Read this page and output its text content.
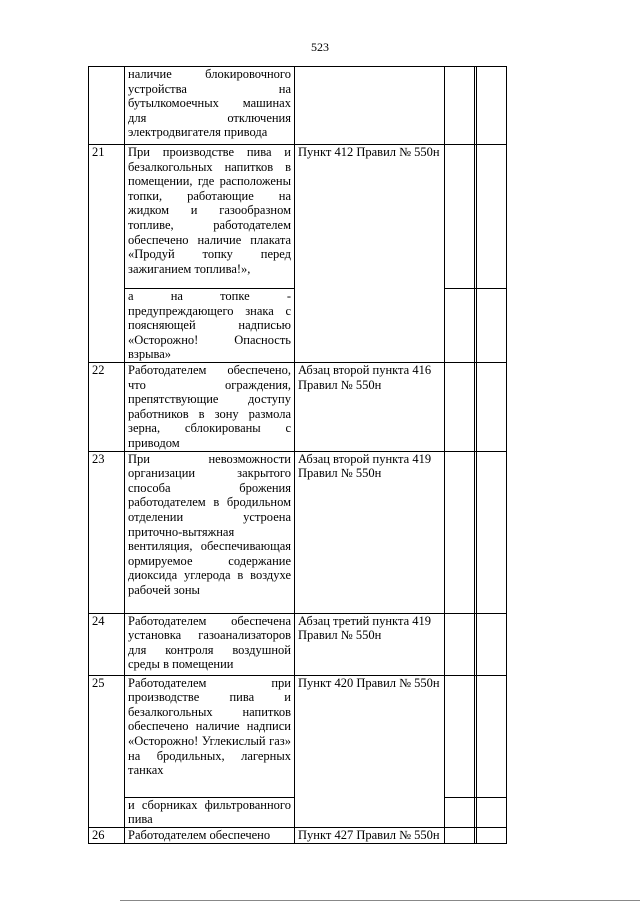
523
	наличие блокировочного устройства на бутылкомоечных машинах для отключения электродвигателя привода				
21	При производстве пива и безалкогольных напитков в помещении, где расположены топки, работающие на жидком и газообразном топливе, работодателем обеспечено наличие плаката «Продуй топку перед зажиганием топлива!»,	Пункт 412 Правил № 550н			
	а на топке - предупреждающего знака с поясняющей надписью «Осторожно! Опасность взрыва»				
22	Работодателем обеспечено, что ограждения, препятствующие доступу работников в зону размола зерна, сблокированы с приводом	Абзац второй пункта 416 Правил № 550н			
23	При невозможности организации закрытого способа брожения работодателем в бродильном отделении устроена приточно-вытяжная вентиляция, обеспечивающая ормируемое содержание диоксида углерода в воздухе рабочей зоны	Абзац второй пункта 419 Правил № 550н			
24	Работодателем обеспечена установка газоанализаторов для контроля воздушной среды в помещении	Абзац третий пункта 419 Правил № 550н			
25	Работодателем при производстве пива и безалкогольных напитков обеспечено наличие надписи «Осторожно! Углекислый газ» на бродильных, лагерных танках	Пункт 420 Правил № 550н			
	и сборниках фильтрованного пива				
26	Работодателем обеспечено	Пункт 427 Правил № 550н			
